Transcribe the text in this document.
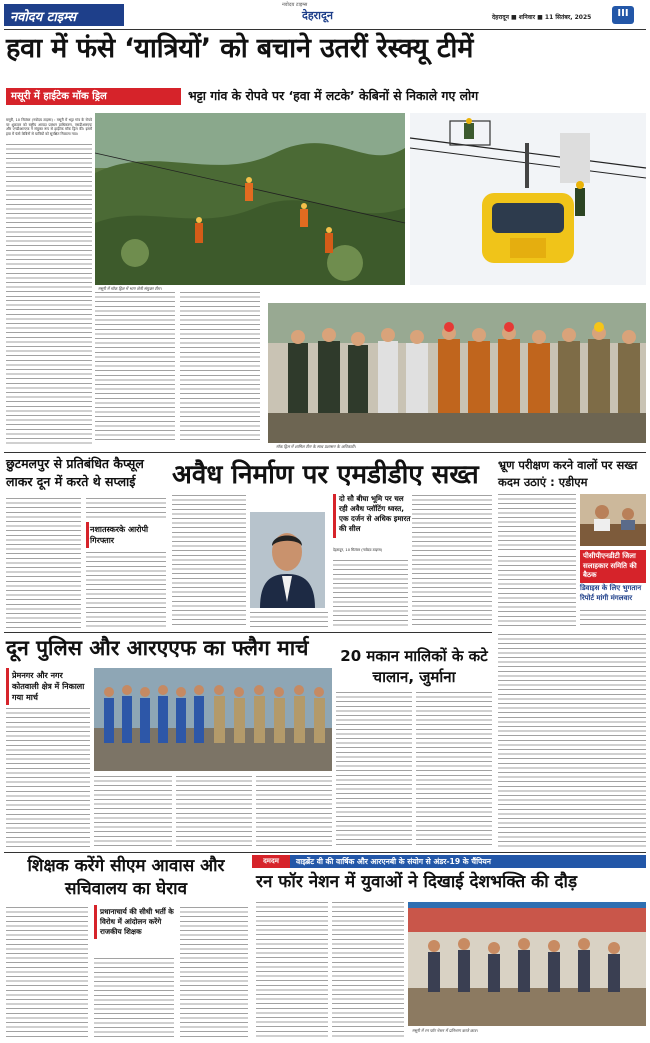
नवोदय टाइम्स
नवोदय टाइम्स
देहरादून	देहरादून ■ शनिवार ■ 11 सितंबर, 2025	III
हवा में फंसे ‘यात्रियों’ को बचाने उतरीं रेस्क्यू टीमें
मसूरी में हाईटेक मॉक ड्रिल	भट्टा गांव के रोपवे पर ‘हवा में लटके’ केबिनों से निकाले गए लोग
मसूरी, 10 सितंबर (नवोदय टाइम्स) : मसूरी में भट्टा गांव के रोपवे पर शुक्रवार को राष्ट्रीय आपदा प्रबंधन प्राधिकरण, एसडीआरएफ और एनडीआरएफ ने संयुक्त रूप से हाईटेक मॉक ड्रिल की। इसमें हवा में फंसे केबिनों से यात्रियों को सुरक्षित निकाला गया।
मसूरी में मॉक ड्रिल में भाग लेती संयुक्त टीम।
मॉक ड्रिल में शामिल टीम के साथ प्रशासन के अधिकारी।
छुटमलपुर से प्रतिबंधित कैप्सूल लाकर दून में करते थे सप्लाई
नशातस्करके आरोपी गिरफ्तार
अवैध निर्माण पर एमडीडीए सख्त
दो सौ बीघा भूमि पर चल रही अवैध प्लॉटिंग ध्वस्त, एक दर्जन से अधिक इमारत की सील
देहरादून, 10 सितंबर (नवोदय टाइम्स)
भ्रूण परीक्षण करने वालों पर सख्त कदम उठाएं : एडीएम
पीसीपीएनडीटी जिला सलाहकार समिति की बैठक
डिवाइस के लिए भुगतान रिपोर्ट मांगी मंगलवार
दून पुलिस और आरएएफ का फ्लैग मार्च
प्रेमनगर और नगर कोतवाली क्षेत्र में निकाला गया मार्च
20 मकान मालिकों के कटे चालान, जुर्माना
शिक्षक करेंगे सीएम आवास और सचिवालय का घेराव
प्रधानाचार्य की सीधी भर्ती के विरोध में आंदोलन करेंगे राजकीय शिक्षक
दमदम	वाइब्रेंट वी की वार्षिक और आरएनबी के संयोग से अंडर-19 के चैंपियन
रन फॉर नेशन में युवाओं ने दिखाई देशभक्ति की दौड़
मसूरी में रन फॉर नेशन में प्रतिभाग करते छात्र।
